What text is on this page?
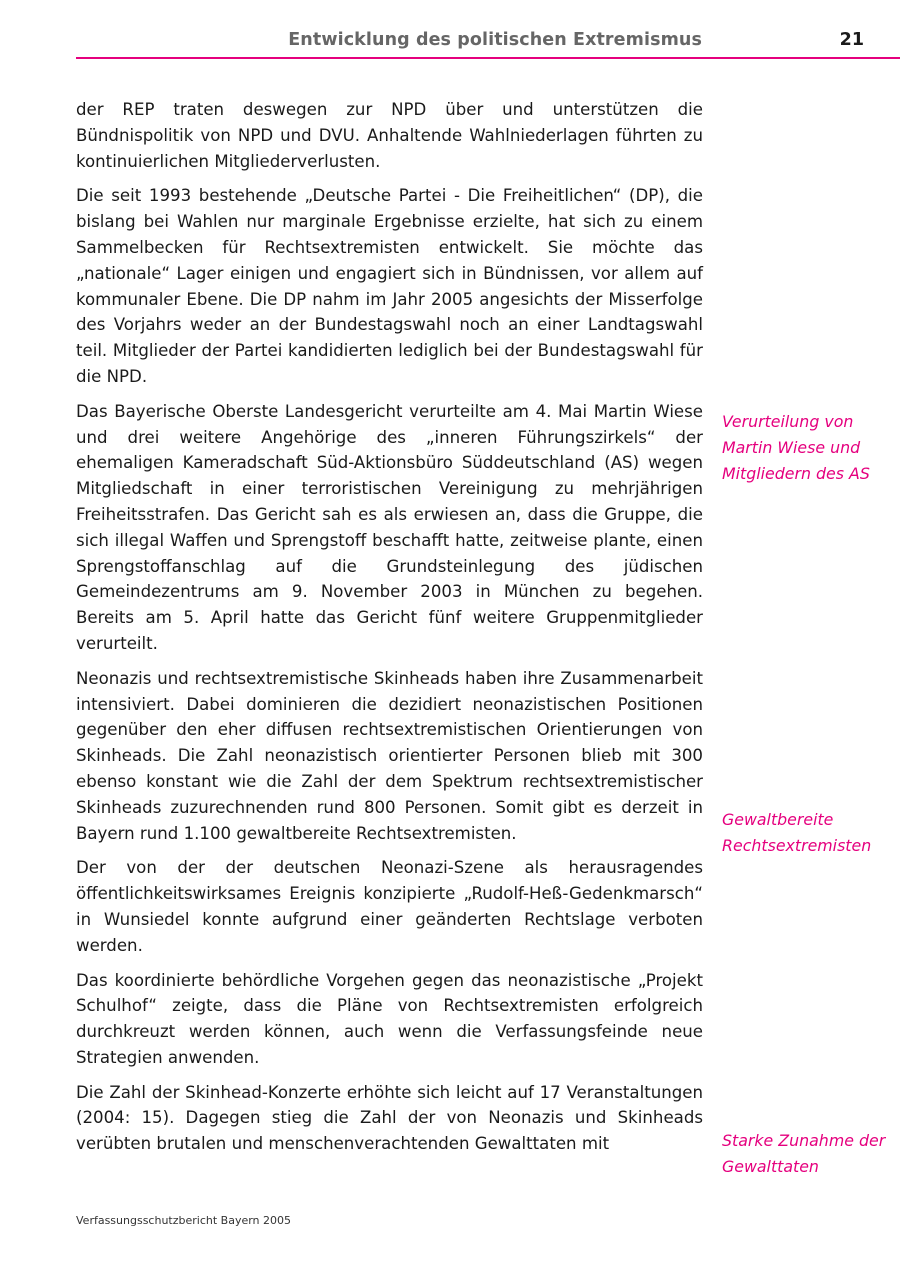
Entwicklung des politischen Extremismus	21

der REP traten deswegen zur NPD über und unterstützen die Bündnispolitik von NPD und DVU. Anhaltende Wahlniederlagen führten zu kontinuierlichen Mitgliederverlusten.

Die seit 1993 bestehende „Deutsche Partei - Die Freiheitlichen“ (DP), die bislang bei Wahlen nur marginale Ergebnisse erzielte, hat sich zu einem Sammelbecken für Rechtsextremisten entwickelt. Sie möchte das „nationale“ Lager einigen und engagiert sich in Bündnissen, vor allem auf kommunaler Ebene. Die DP nahm im Jahr 2005 angesichts der Misserfolge des Vorjahrs weder an der Bundestagswahl noch an einer Landtagswahl teil. Mitglieder der Partei kandidierten lediglich bei der Bundestagswahl für die NPD.

Das Bayerische Oberste Landesgericht verurteilte am 4. Mai Martin Wiese und drei weitere Angehörige des „inneren Führungszirkels“ der ehemaligen Kameradschaft Süd-Aktionsbüro Süddeutschland (AS) wegen Mitgliedschaft in einer terroristischen Vereinigung zu mehrjährigen Freiheitsstrafen. Das Gericht sah es als erwiesen an, dass die Gruppe, die sich illegal Waffen und Sprengstoff beschafft hatte, zeitweise plante, einen Sprengstoffanschlag auf die Grundsteinlegung des jüdischen Gemeindezentrums am 9. November 2003 in München zu begehen. Bereits am 5. April hatte das Gericht fünf weitere Gruppenmitglieder verurteilt.

Neonazis und rechtsextremistische Skinheads haben ihre Zusammenarbeit intensiviert. Dabei dominieren die dezidiert neonazistischen Positionen gegenüber den eher diffusen rechtsextremistischen Orientierungen von Skinheads. Die Zahl neonazistisch orientierter Personen blieb mit 300 ebenso konstant wie die Zahl der dem Spektrum rechtsextremistischer Skinheads zuzurechnenden rund 800 Personen. Somit gibt es derzeit in Bayern rund 1.100 gewaltbereite Rechtsextremisten.

Der von der der deutschen Neonazi-Szene als herausragendes öffentlichkeitswirksames Ereignis konzipierte „Rudolf-Heß-Gedenkmarsch“ in Wunsiedel konnte aufgrund einer geänderten Rechtslage verboten werden.

Das koordinierte behördliche Vorgehen gegen das neonazistische „Projekt Schulhof“ zeigte, dass die Pläne von Rechtsextremisten erfolgreich durchkreuzt werden können, auch wenn die Verfassungsfeinde neue Strategien anwenden.

Die Zahl der Skinhead-Konzerte erhöhte sich leicht auf 17 Veranstaltungen (2004: 15). Dagegen stieg die Zahl der von Neonazis und Skinheads verübten brutalen und menschenverachtenden Gewalttaten mit

Verurteilung von Martin Wiese und Mitgliedern des AS
Gewaltbereite Rechtsextremisten
Starke Zunahme der Gewalttaten
Verfassungsschutzbericht Bayern 2005
